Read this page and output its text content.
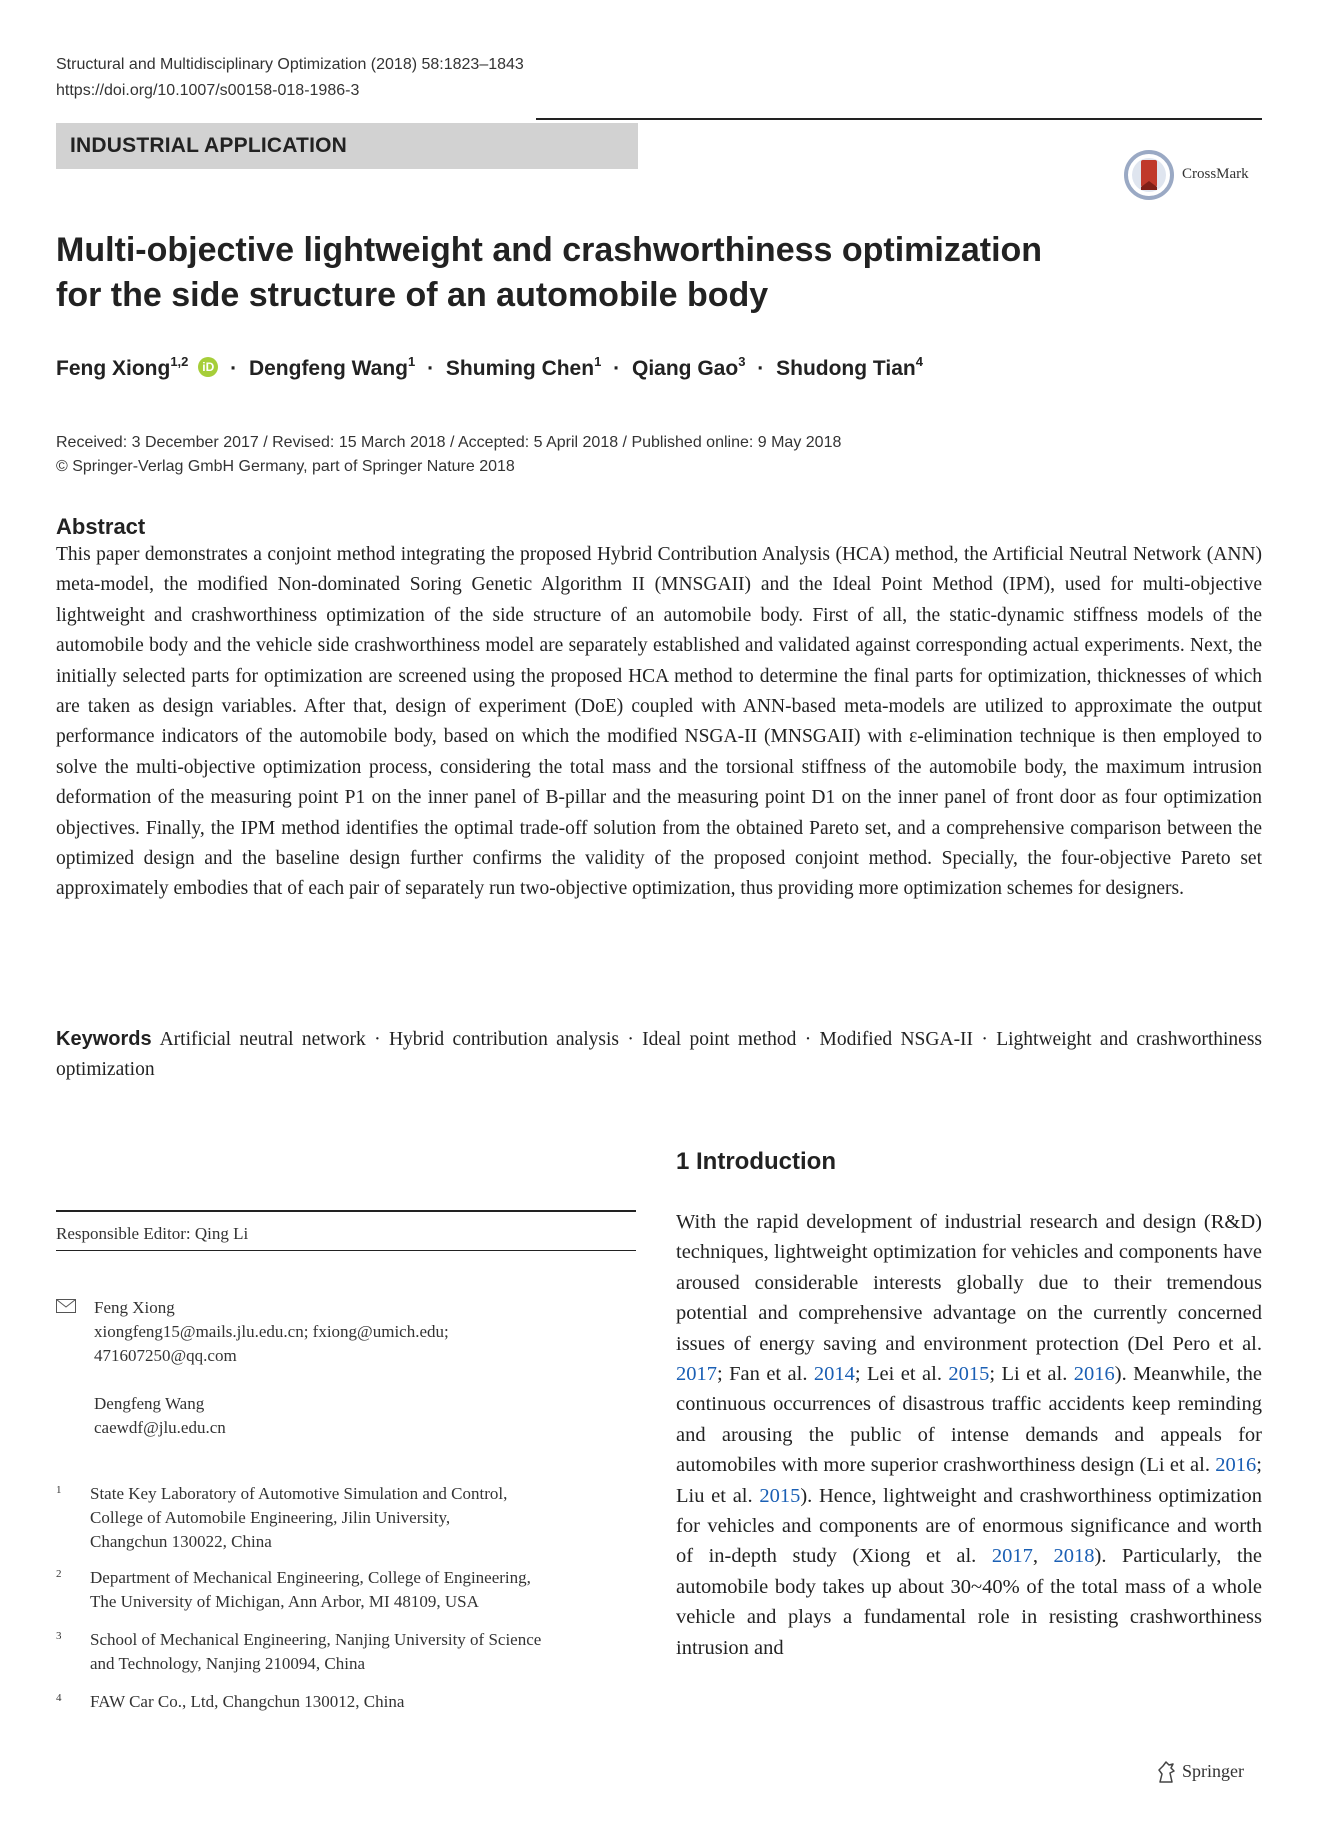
Structural and Multidisciplinary Optimization (2018) 58:1823–1843
https://doi.org/10.1007/s00158-018-1986-3
INDUSTRIAL APPLICATION
CrossMark
Multi-objective lightweight and crashworthiness optimization
for the side structure of an automobile body
Feng Xiong$^{1,2}$ iD · Dengfeng Wang$^1$ · Shuming Chen$^1$ · Qiang Gao$^3$ · Shudong Tian$^4$
Received: 3 December 2017 / Revised: 15 March 2018 / Accepted: 5 April 2018 / Published online: 9 May 2018
© Springer-Verlag GmbH Germany, part of Springer Nature 2018
Abstract
This paper demonstrates a conjoint method integrating the proposed Hybrid Contribution Analysis (HCA) method, the Artificial Neutral Network (ANN) meta-model, the modified Non-dominated Soring Genetic Algorithm II (MNSGAII) and the Ideal Point Method (IPM), used for multi-objective lightweight and crashworthiness optimization of the side structure of an automobile body. First of all, the static-dynamic stiffness models of the automobile body and the vehicle side crashworthiness model are separately established and validated against corresponding actual experiments. Next, the initially selected parts for optimization are screened using the proposed HCA method to determine the final parts for optimization, thicknesses of which are taken as design variables. After that, design of experiment (DoE) coupled with ANN-based meta-models are utilized to approximate the output performance indicators of the automobile body, based on which the modified NSGA-II (MNSGAII) with ε-elimination technique is then employed to solve the multi-objective optimization process, considering the total mass and the torsional stiffness of the automobile body, the maximum intrusion deformation of the measuring point P1 on the inner panel of B-pillar and the measuring point D1 on the inner panel of front door as four optimization objectives. Finally, the IPM method identifies the optimal trade-off solution from the obtained Pareto set, and a comprehensive comparison between the optimized design and the baseline design further confirms the validity of the proposed conjoint method. Specially, the four-objective Pareto set approximately embodies that of each pair of separately run two-objective optimization, thus providing more optimization schemes for designers.
Keywords Artificial neutral network · Hybrid contribution analysis · Ideal point method · Modified NSGA-II · Lightweight and crashworthiness optimization
Responsible Editor: Qing Li
Feng Xiong
xiongfeng15@mails.jlu.edu.cn; fxiong@umich.edu;
471607250@qq.com
Dengfeng Wang
caewdf@jlu.edu.cn
1 State Key Laboratory of Automotive Simulation and Control,
College of Automobile Engineering, Jilin University,
Changchun 130022, China
2 Department of Mechanical Engineering, College of Engineering,
The University of Michigan, Ann Arbor, MI 48109, USA
3 School of Mechanical Engineering, Nanjing University of Science
and Technology, Nanjing 210094, China
4 FAW Car Co., Ltd, Changchun 130012, China
1 Introduction
With the rapid development of industrial research and design (R&D) techniques, lightweight optimization for vehicles and components have aroused considerable interests globally due to their tremendous potential and comprehensive advantage on the currently concerned issues of energy saving and environment protection (Del Pero et al. 2017; Fan et al. 2014; Lei et al. 2015; Li et al. 2016). Meanwhile, the continuous occurrences of disastrous traffic accidents keep reminding and arousing the public of intense demands and appeals for automobiles with more superior crashworthiness design (Li et al. 2016; Liu et al. 2015). Hence, lightweight and crashworthiness optimization for vehicles and components are of enormous significance and worth of in-depth study (Xiong et al. 2017, 2018). Particularly, the automobile body takes up about 30~40% of the total mass of a whole vehicle and plays a fundamental role in resisting crashworthiness intrusion and
Springer
